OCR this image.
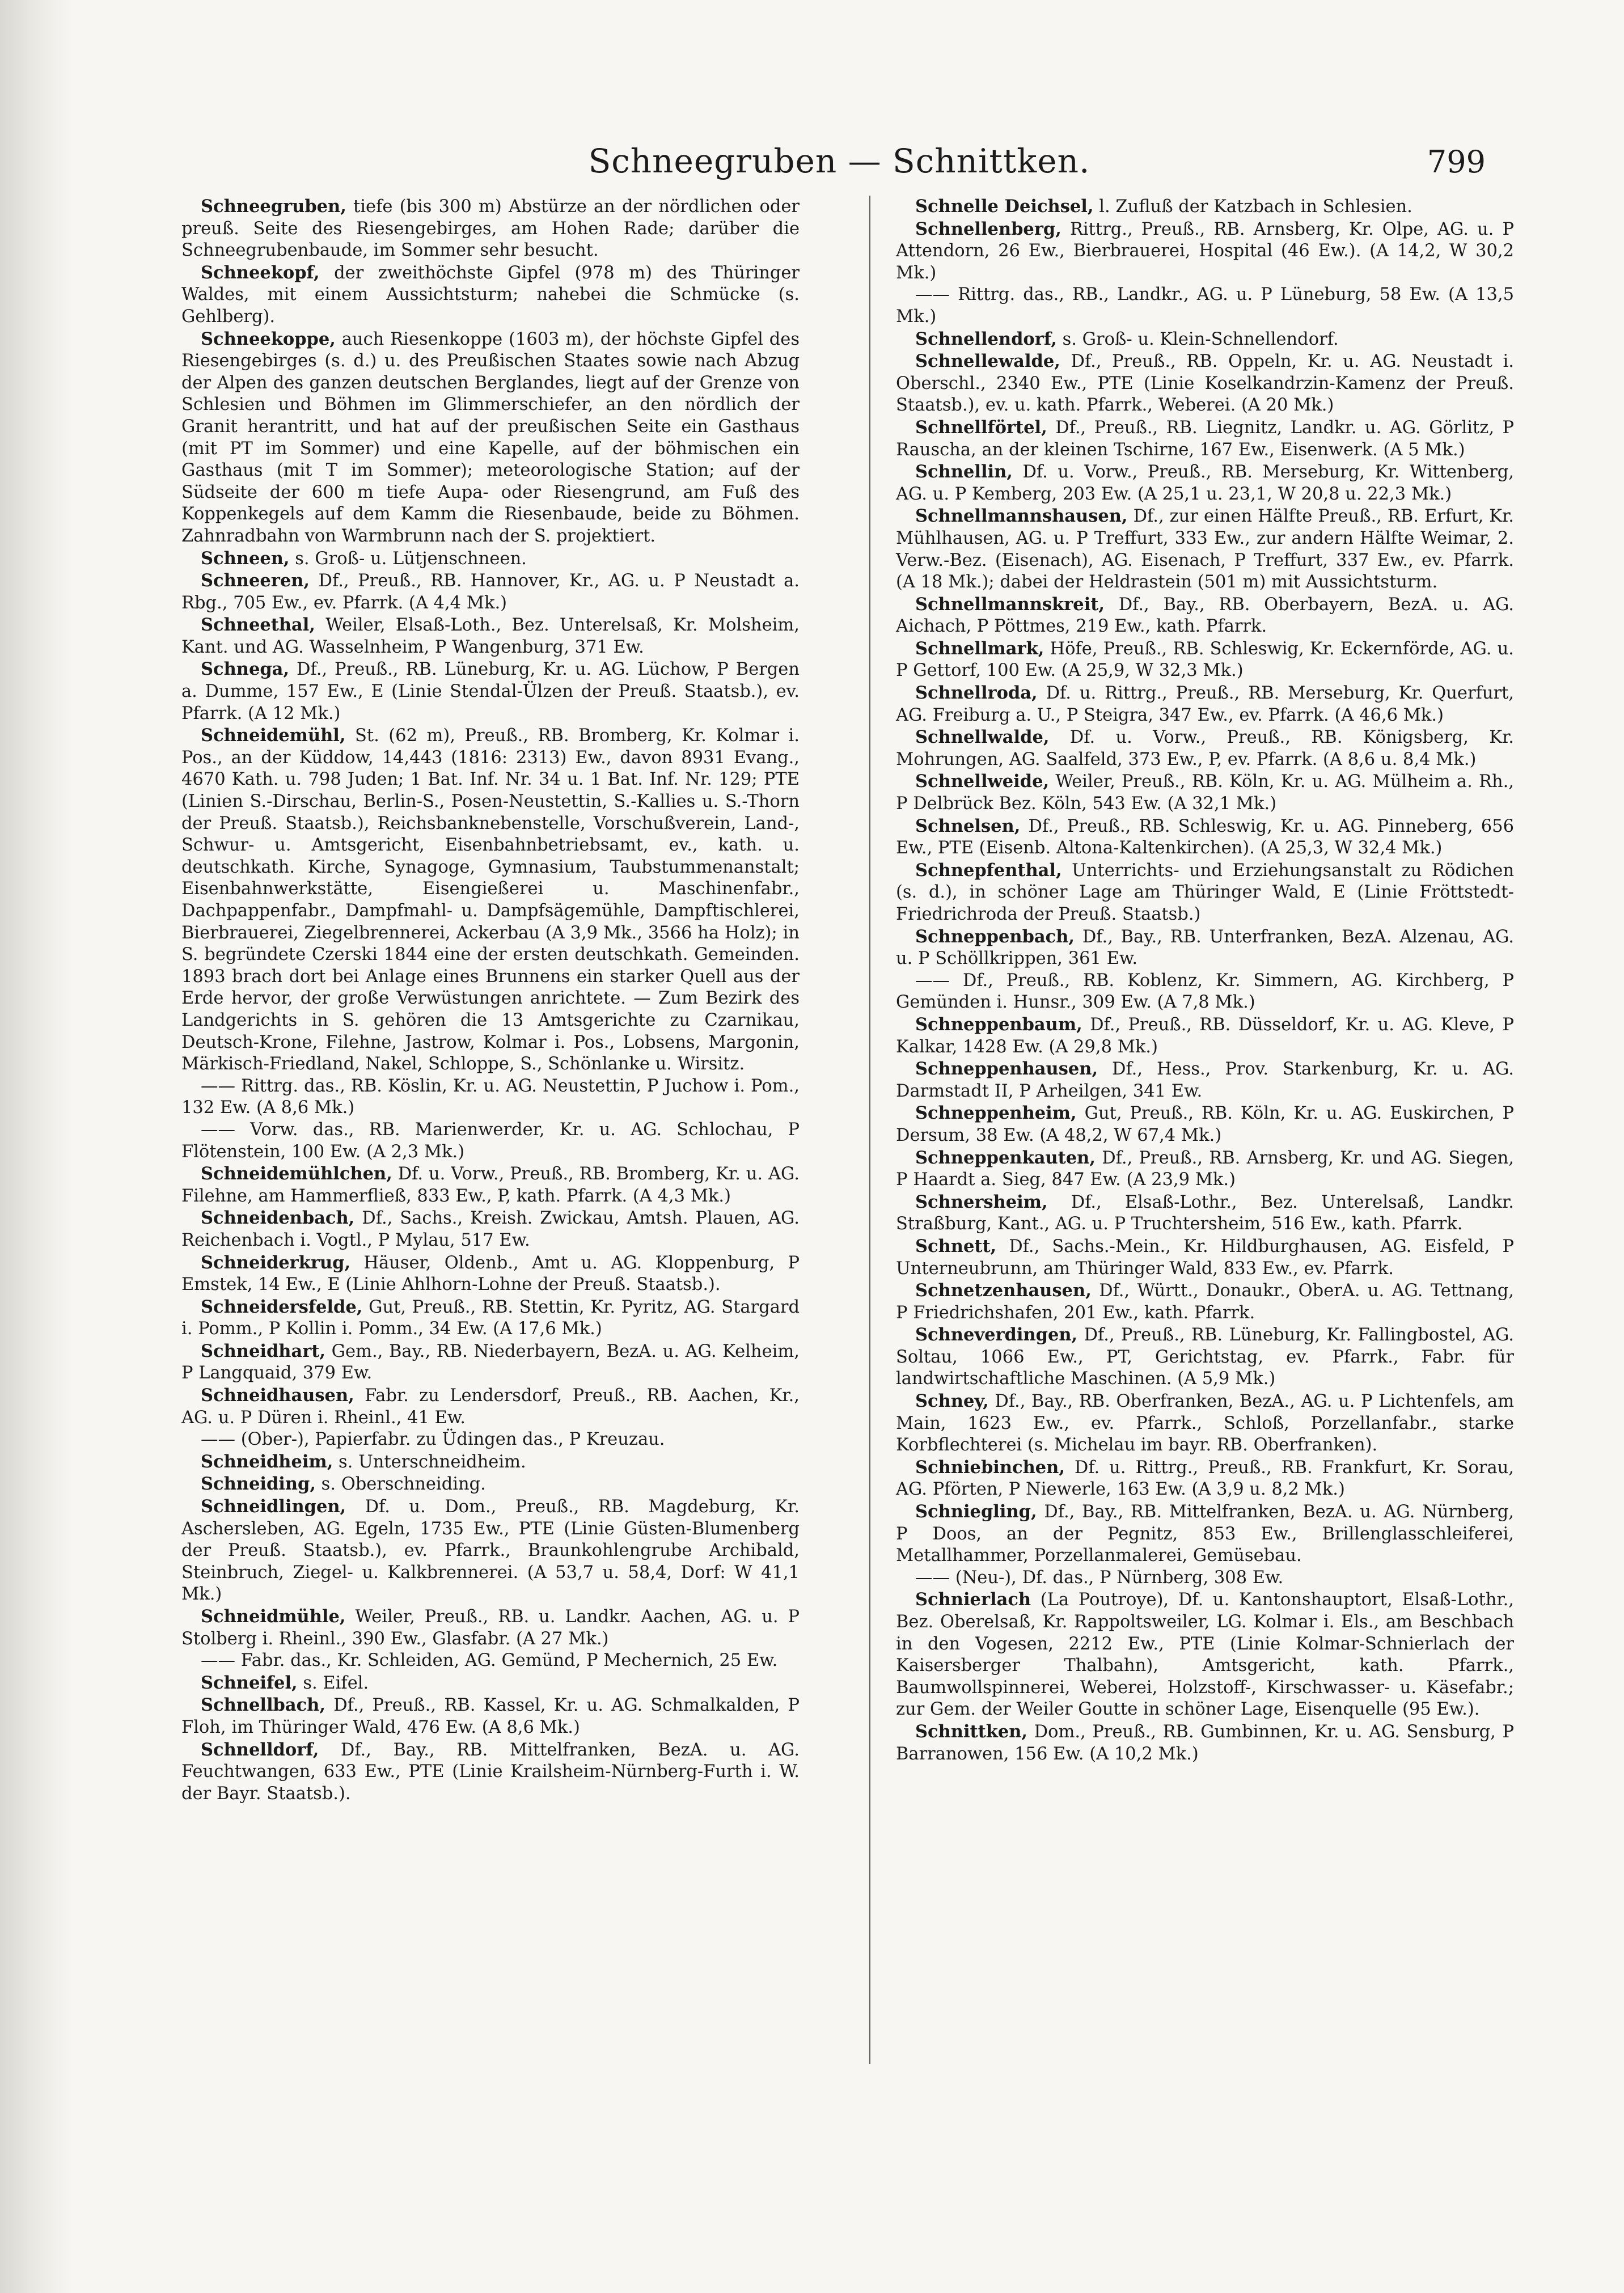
Schneegruben — Schnittken.	799

Schneegruben, tiefe (bis 300 m) Abstürze an der nördlichen oder preuß. Seite des Riesengebirges, am Hohen Rade; darüber die Schneegrubenbaude, im Sommer sehr besucht.

Schneekopf, der zweithöchste Gipfel (978 m) des Thüringer Waldes, mit einem Aussichtsturm; nahebei die Schmücke (s. Gehlberg).

Schneekoppe, auch Riesenkoppe (1603 m), der höchste Gipfel des Riesengebirges (s. d.) u. des Preußischen Staates sowie nach Abzug der Alpen des ganzen deutschen Berglandes, liegt auf der Grenze von Schlesien und Böhmen im Glimmerschiefer, an den nördlich der Granit herantritt, und hat auf der preußischen Seite ein Gasthaus (mit PT im Sommer) und eine Kapelle, auf der böhmischen ein Gasthaus (mit T im Sommer); meteorologische Station; auf der Südseite der 600 m tiefe Aupa- oder Riesengrund, am Fuß des Koppenkegels auf dem Kamm die Riesenbaude, beide zu Böhmen. Zahnradbahn von Warmbrunn nach der S. projektiert.

Schneen, s. Groß- u. Lütjenschneen.

Schneeren, Df., Preuß., RB. Hannover, Kr., AG. u. P Neustadt a. Rbg., 705 Ew., ev. Pfarrk. (A 4,4 Mk.)

Schneethal, Weiler, Elsaß-Loth., Bez. Unterelsaß, Kr. Molsheim, Kant. und AG. Wasselnheim, P Wangenburg, 371 Ew.

Schnega, Df., Preuß., RB. Lüneburg, Kr. u. AG. Lüchow, P Bergen a. Dumme, 157 Ew., E (Linie Stendal-Ülzen der Preuß. Staatsb.), ev. Pfarrk. (A 12 Mk.)

Schneidemühl, St. (62 m), Preuß., RB. Bromberg, Kr. Kolmar i. Pos., an der Küddow, 14,443 (1816: 2313) Ew., davon 8931 Evang., 4670 Kath. u. 798 Juden; 1 Bat. Inf. Nr. 34 u. 1 Bat. Inf. Nr. 129; PTE (Linien S.-Dirschau, Berlin-S., Posen-Neustettin, S.-Kallies u. S.-Thorn der Preuß. Staatsb.), Reichsbanknebenstelle, Vorschußverein, Land-, Schwur- u. Amtsgericht, Eisenbahnbetriebsamt, ev., kath. u. deutschkath. Kirche, Synagoge, Gymnasium, Taubstummenanstalt; Eisenbahnwerkstätte, Eisengießerei u. Maschinenfabr., Dachpappenfabr., Dampfmahl- u. Dampfsägemühle, Dampftischlerei, Bierbrauerei, Ziegelbrennerei, Ackerbau (A 3,9 Mk., 3566 ha Holz); in S. begründete Czerski 1844 eine der ersten deutschkath. Gemeinden. 1893 brach dort bei Anlage eines Brunnens ein starker Quell aus der Erde hervor, der große Verwüstungen anrichtete. — Zum Bezirk des Landgerichts in S. gehören die 13 Amtsgerichte zu Czarnikau, Deutsch-Krone, Filehne, Jastrow, Kolmar i. Pos., Lobsens, Margonin, Märkisch-Friedland, Nakel, Schloppe, S., Schönlanke u. Wirsitz.

—— Rittrg. das., RB. Köslin, Kr. u. AG. Neustettin, P Juchow i. Pom., 132 Ew. (A 8,6 Mk.)

—— Vorw. das., RB. Marienwerder, Kr. u. AG. Schlochau, P Flötenstein, 100 Ew. (A 2,3 Mk.)

Schneidemühlchen, Df. u. Vorw., Preuß., RB. Bromberg, Kr. u. AG. Filehne, am Hammerfließ, 833 Ew., P, kath. Pfarrk. (A 4,3 Mk.)

Schneidenbach, Df., Sachs., Kreish. Zwickau, Amtsh. Plauen, AG. Reichenbach i. Vogtl., P Mylau, 517 Ew.

Schneiderkrug, Häuser, Oldenb., Amt u. AG. Kloppenburg, P Emstek, 14 Ew., E (Linie Ahlhorn-Lohne der Preuß. Staatsb.).

Schneidersfelde, Gut, Preuß., RB. Stettin, Kr. Pyritz, AG. Stargard i. Pomm., P Kollin i. Pomm., 34 Ew. (A 17,6 Mk.)

Schneidhart, Gem., Bay., RB. Niederbayern, BezA. u. AG. Kelheim, P Langquaid, 379 Ew.

Schneidhausen, Fabr. zu Lendersdorf, Preuß., RB. Aachen, Kr., AG. u. P Düren i. Rheinl., 41 Ew.

—— (Ober-), Papierfabr. zu Üdingen das., P Kreuzau.

Schneidheim, s. Unterschneidheim.

Schneiding, s. Oberschneiding.

Schneidlingen, Df. u. Dom., Preuß., RB. Magdeburg, Kr. Aschersleben, AG. Egeln, 1735 Ew., PTE (Linie Güsten-Blumenberg der Preuß. Staatsb.), ev. Pfarrk., Braunkohlengrube Archibald, Steinbruch, Ziegel- u. Kalkbrennerei. (A 53,7 u. 58,4, Dorf: W 41,1 Mk.)

Schneidmühle, Weiler, Preuß., RB. u. Landkr. Aachen, AG. u. P Stolberg i. Rheinl., 390 Ew., Glasfabr. (A 27 Mk.)

—— Fabr. das., Kr. Schleiden, AG. Gemünd, P Mechernich, 25 Ew.

Schneifel, s. Eifel.

Schnellbach, Df., Preuß., RB. Kassel, Kr. u. AG. Schmalkalden, P Floh, im Thüringer Wald, 476 Ew. (A 8,6 Mk.)

Schnelldorf, Df., Bay., RB. Mittelfranken, BezA. u. AG. Feuchtwangen, 633 Ew., PTE (Linie Krailsheim-Nürnberg-Furth i. W. der Bayr. Staatsb.).

Schnelle Deichsel, l. Zufluß der Katzbach in Schlesien.

Schnellenberg, Rittrg., Preuß., RB. Arnsberg, Kr. Olpe, AG. u. P Attendorn, 26 Ew., Bierbrauerei, Hospital (46 Ew.). (A 14,2, W 30,2 Mk.)

—— Rittrg. das., RB., Landkr., AG. u. P Lüneburg, 58 Ew. (A 13,5 Mk.)

Schnellendorf, s. Groß- u. Klein-Schnellendorf.

Schnellewalde, Df., Preuß., RB. Oppeln, Kr. u. AG. Neustadt i. Oberschl., 2340 Ew., PTE (Linie Koselkandrzin-Kamenz der Preuß. Staatsb.), ev. u. kath. Pfarrk., Weberei. (A 20 Mk.)

Schnellförtel, Df., Preuß., RB. Liegnitz, Landkr. u. AG. Görlitz, P Rauscha, an der kleinen Tschirne, 167 Ew., Eisenwerk. (A 5 Mk.)

Schnellin, Df. u. Vorw., Preuß., RB. Merseburg, Kr. Wittenberg, AG. u. P Kemberg, 203 Ew. (A 25,1 u. 23,1, W 20,8 u. 22,3 Mk.)

Schnellmannshausen, Df., zur einen Hälfte Preuß., RB. Erfurt, Kr. Mühlhausen, AG. u. P Treffurt, 333 Ew., zur andern Hälfte Weimar, 2. Verw.-Bez. (Eisenach), AG. Eisenach, P Treffurt, 337 Ew., ev. Pfarrk. (A 18 Mk.); dabei der Heldrastein (501 m) mit Aussichtsturm.

Schnellmannskreit, Df., Bay., RB. Oberbayern, BezA. u. AG. Aichach, P Pöttmes, 219 Ew., kath. Pfarrk.

Schnellmark, Höfe, Preuß., RB. Schleswig, Kr. Eckernförde, AG. u. P Gettorf, 100 Ew. (A 25,9, W 32,3 Mk.)

Schnellroda, Df. u. Rittrg., Preuß., RB. Merseburg, Kr. Querfurt, AG. Freiburg a. U., P Steigra, 347 Ew., ev. Pfarrk. (A 46,6 Mk.)

Schnellwalde, Df. u. Vorw., Preuß., RB. Königsberg, Kr. Mohrungen, AG. Saalfeld, 373 Ew., P, ev. Pfarrk. (A 8,6 u. 8,4 Mk.)

Schnellweide, Weiler, Preuß., RB. Köln, Kr. u. AG. Mülheim a. Rh., P Delbrück Bez. Köln, 543 Ew. (A 32,1 Mk.)

Schnelsen, Df., Preuß., RB. Schleswig, Kr. u. AG. Pinneberg, 656 Ew., PTE (Eisenb. Altona-Kaltenkirchen). (A 25,3, W 32,4 Mk.)

Schnepfenthal, Unterrichts- und Erziehungsanstalt zu Rödichen (s. d.), in schöner Lage am Thüringer Wald, E (Linie Fröttstedt-Friedrichroda der Preuß. Staatsb.)

Schneppenbach, Df., Bay., RB. Unterfranken, BezA. Alzenau, AG. u. P Schöllkrippen, 361 Ew.

—— Df., Preuß., RB. Koblenz, Kr. Simmern, AG. Kirchberg, P Gemünden i. Hunsr., 309 Ew. (A 7,8 Mk.)

Schneppenbaum, Df., Preuß., RB. Düsseldorf, Kr. u. AG. Kleve, P Kalkar, 1428 Ew. (A 29,8 Mk.)

Schneppenhausen, Df., Hess., Prov. Starkenburg, Kr. u. AG. Darmstadt II, P Arheilgen, 341 Ew.

Schneppenheim, Gut, Preuß., RB. Köln, Kr. u. AG. Euskirchen, P Dersum, 38 Ew. (A 48,2, W 67,4 Mk.)

Schneppenkauten, Df., Preuß., RB. Arnsberg, Kr. und AG. Siegen, P Haardt a. Sieg, 847 Ew. (A 23,9 Mk.)

Schnersheim, Df., Elsaß-Lothr., Bez. Unterelsaß, Landkr. Straßburg, Kant., AG. u. P Truchtersheim, 516 Ew., kath. Pfarrk.

Schnett, Df., Sachs.-Mein., Kr. Hildburghausen, AG. Eisfeld, P Unterneubrunn, am Thüringer Wald, 833 Ew., ev. Pfarrk.

Schnetzenhausen, Df., Württ., Donaukr., OberA. u. AG. Tettnang, P Friedrichshafen, 201 Ew., kath. Pfarrk.

Schneverdingen, Df., Preuß., RB. Lüneburg, Kr. Fallingbostel, AG. Soltau, 1066 Ew., PT, Gerichtstag, ev. Pfarrk., Fabr. für landwirtschaftliche Maschinen. (A 5,9 Mk.)

Schney, Df., Bay., RB. Oberfranken, BezA., AG. u. P Lichtenfels, am Main, 1623 Ew., ev. Pfarrk., Schloß, Porzellanfabr., starke Korbflechterei (s. Michelau im bayr. RB. Oberfranken).

Schniebinchen, Df. u. Rittrg., Preuß., RB. Frankfurt, Kr. Sorau, AG. Pförten, P Niewerle, 163 Ew. (A 3,9 u. 8,2 Mk.)

Schniegling, Df., Bay., RB. Mittelfranken, BezA. u. AG. Nürnberg, P Doos, an der Pegnitz, 853 Ew., Brillenglasschleiferei, Metallhammer, Porzellanmalerei, Gemüsebau.

—— (Neu-), Df. das., P Nürnberg, 308 Ew.

Schnierlach (La Poutroye), Df. u. Kantonshauptort, Elsaß-Lothr., Bez. Oberelsaß, Kr. Rappoltsweiler, LG. Kolmar i. Els., am Beschbach in den Vogesen, 2212 Ew., PTE (Linie Kolmar-Schnierlach der Kaisersberger Thalbahn), Amtsgericht, kath. Pfarrk., Baumwollspinnerei, Weberei, Holzstoff-, Kirschwasser- u. Käsefabr.; zur Gem. der Weiler Goutte in schöner Lage, Eisenquelle (95 Ew.).

Schnittken, Dom., Preuß., RB. Gumbinnen, Kr. u. AG. Sensburg, P Barranowen, 156 Ew. (A 10,2 Mk.)
